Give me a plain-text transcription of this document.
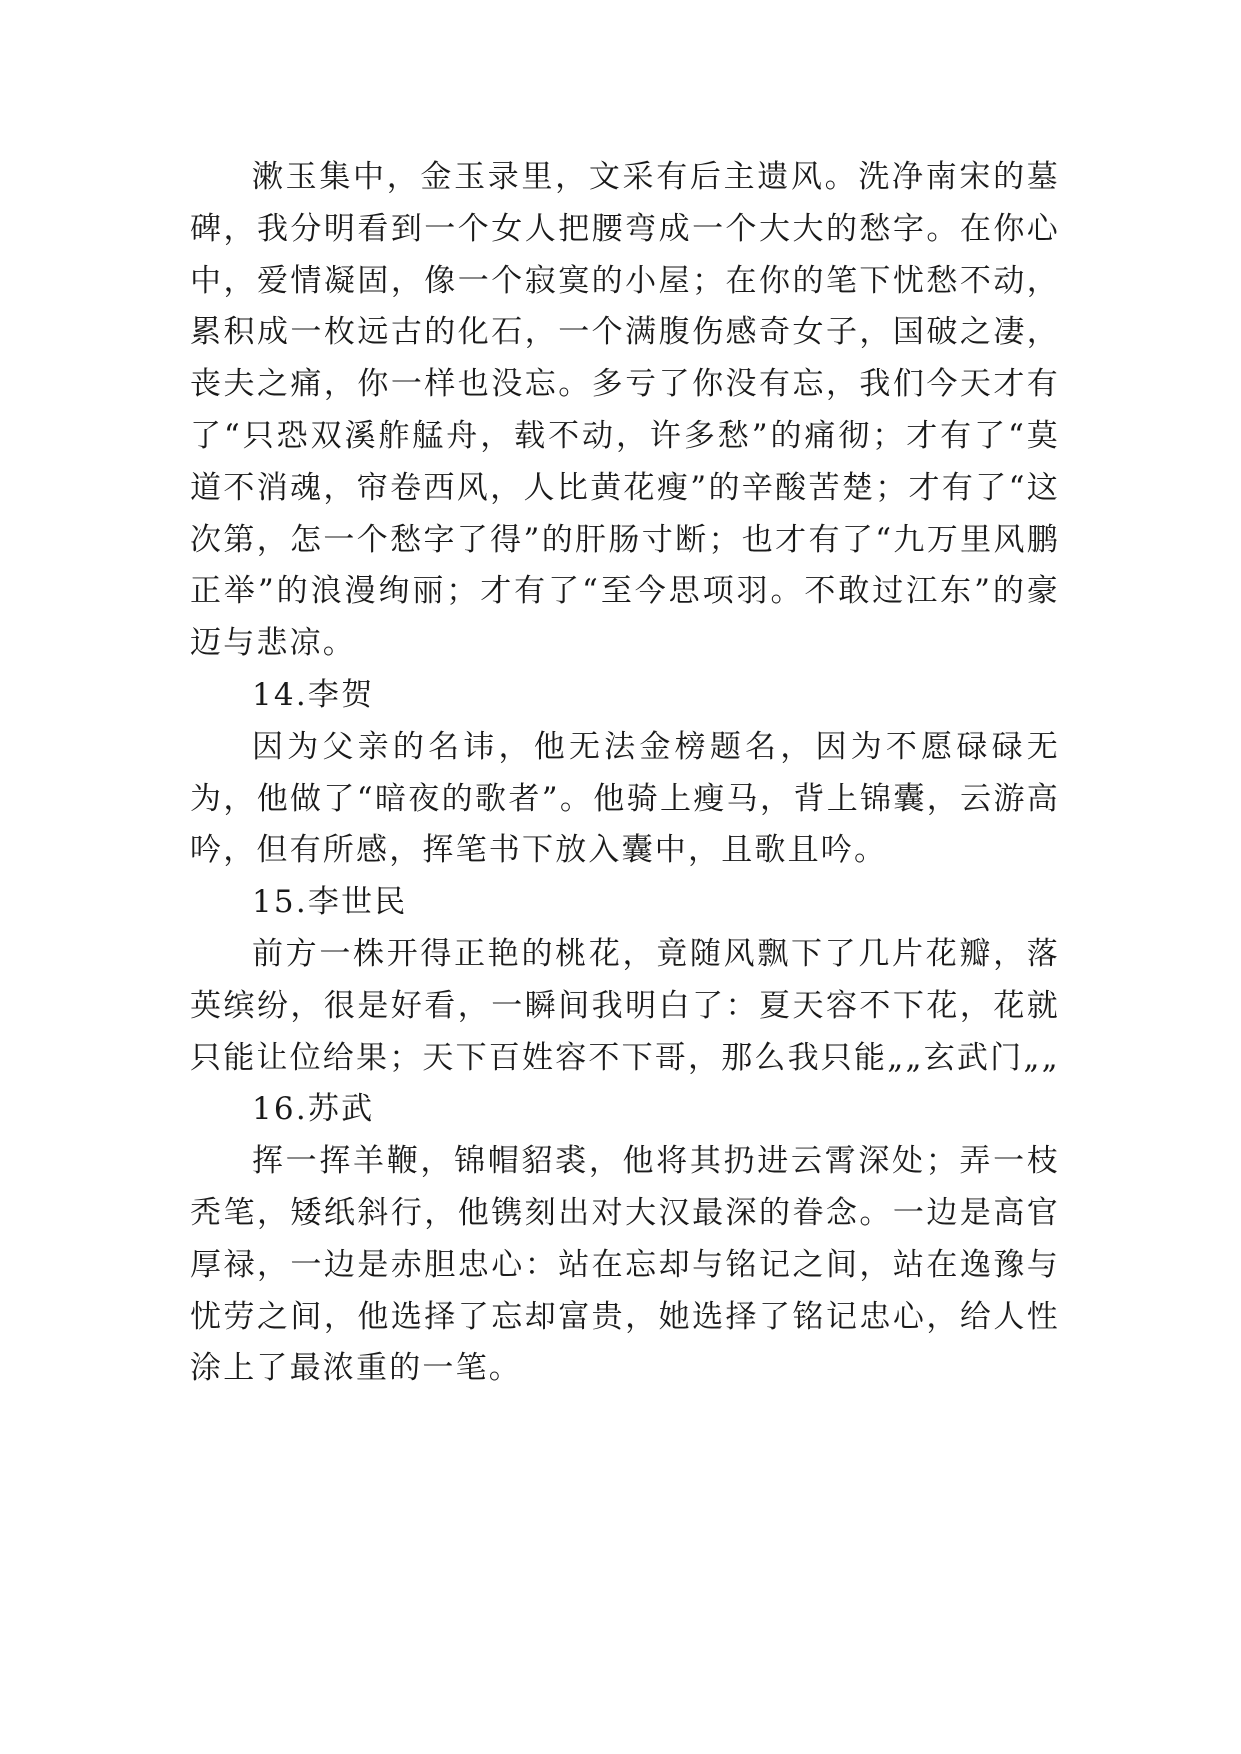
漱玉集中，金玉录里，文采有后主遗风。洗净南宋的墓碑，我分明看到一个女人把腰弯成一个大大的愁字。在你心中，爱情凝固，像一个寂寞的小屋；在你的笔下忧愁不动，累积成一枚远古的化石，一个满腹伤感奇女子，国破之凄，丧夫之痛，你一样也没忘。多亏了你没有忘，我们今天才有了“只恐双溪舴艋舟，载不动，许多愁”的痛彻；才有了“莫道不消魂，帘卷西风，人比黄花瘦”的辛酸苦楚；才有了“这次第，怎一个愁字了得”的肝肠寸断；也才有了“九万里风鹏正举”的浪漫绚丽；才有了“至今思项羽。不敢过江东”的豪迈与悲凉。

14.李贺

因为父亲的名讳，他无法金榜题名，因为不愿碌碌无为，他做了“暗夜的歌者”。他骑上瘦马，背上锦囊，云游高吟，但有所感，挥笔书下放入囊中，且歌且吟。

15.李世民

前方一株开得正艳的桃花，竟随风飘下了几片花瓣，落英缤纷，很是好看，一瞬间我明白了：夏天容不下花，花就只能让位给果；天下百姓容不下哥，那么我只能„„玄武门„„

16.苏武

挥一挥羊鞭，锦帽貂裘，他将其扔进云霄深处；弄一枝秃笔，矮纸斜行，他镌刻出对大汉最深的眷念。一边是高官厚禄，一边是赤胆忠心：站在忘却与铭记之间，站在逸豫与忧劳之间，他选择了忘却富贵，她选择了铭记忠心，给人性涂上了最浓重的一笔。
